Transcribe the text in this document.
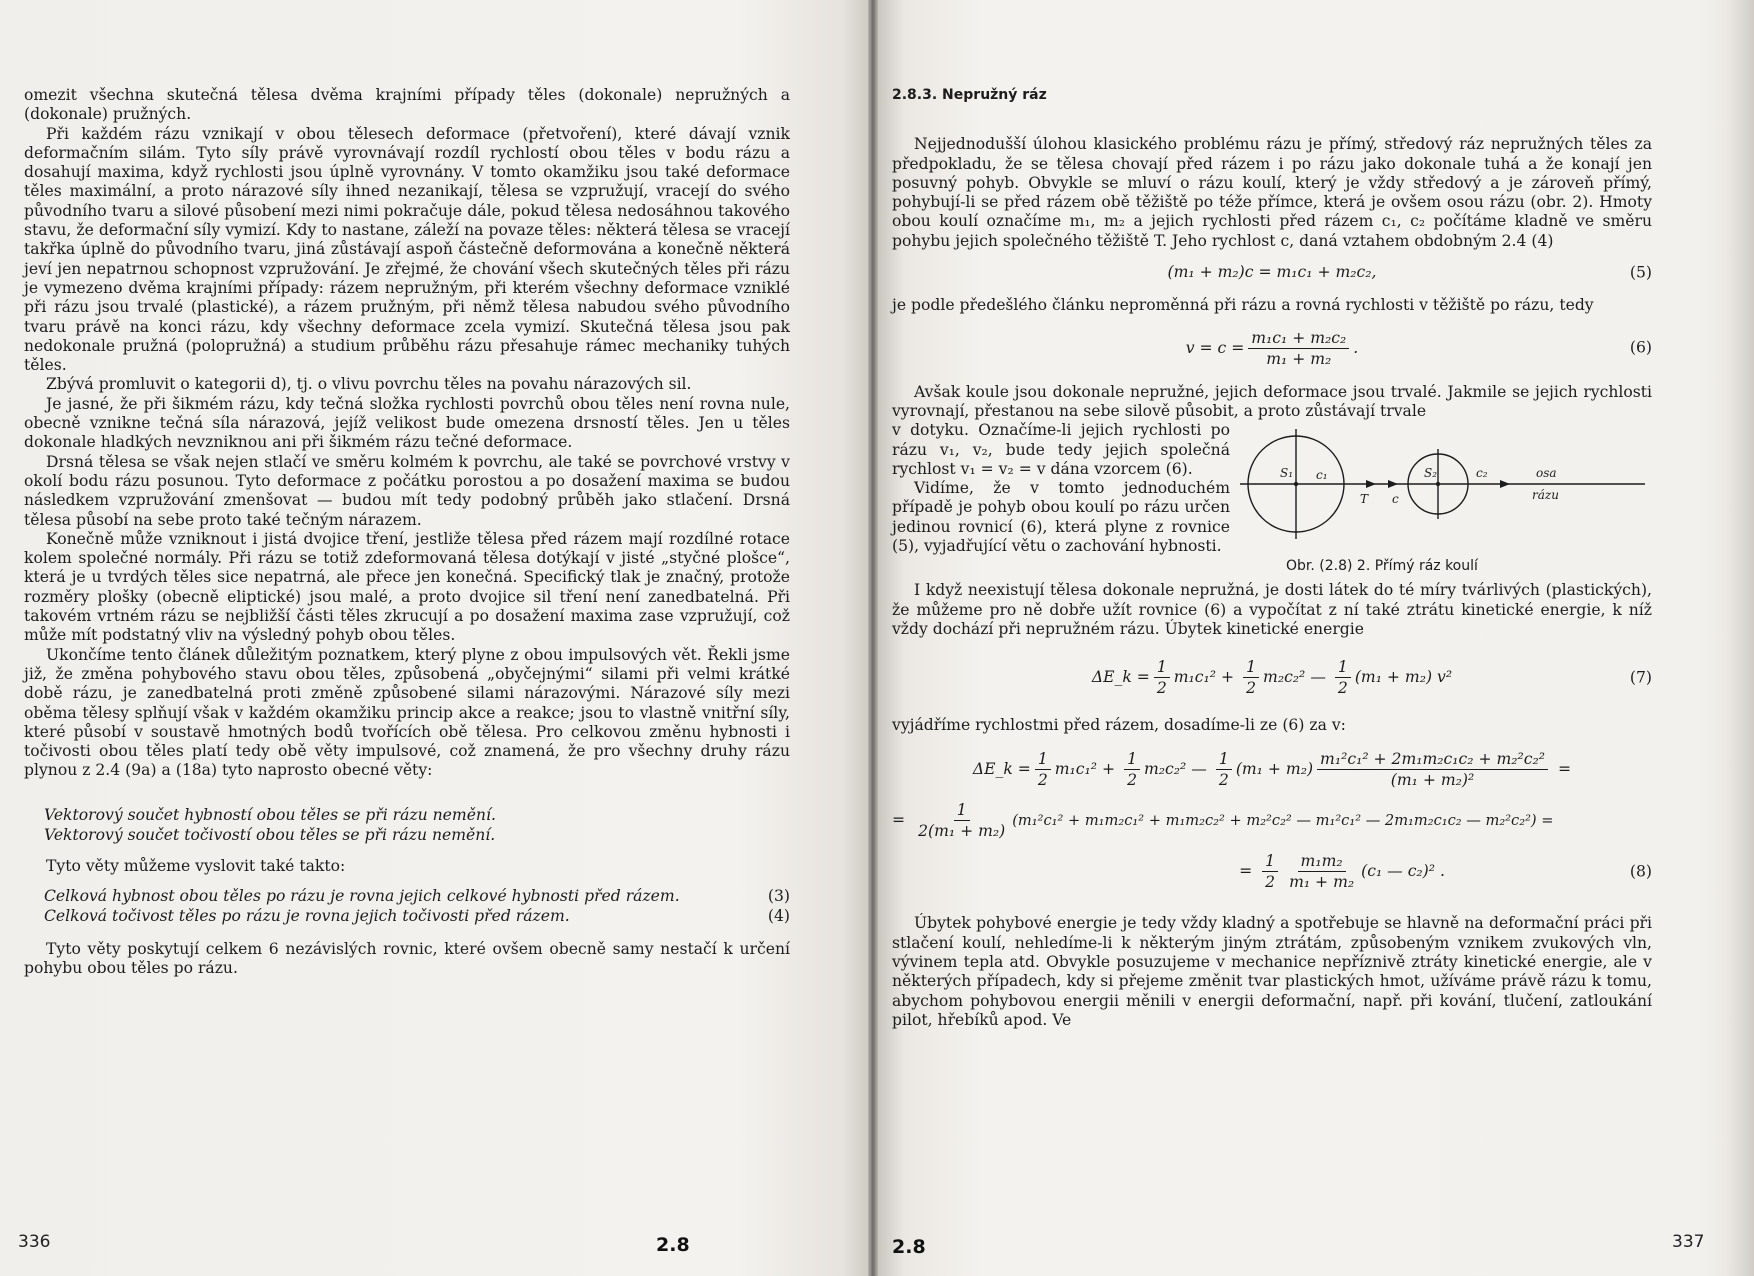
omezit všechna skutečná tělesa dvěma krajními případy těles (dokonale) nepružných a (dokonale) pružných.

Při každém rázu vznikají v obou tělesech deformace (přetvoření), které dávají vznik deformačním silám. Tyto síly právě vyrovnávají rozdíl rychlostí obou těles v bodu rázu a dosahují maxima, když rychlosti jsou úplně vyrovnány. V tomto okamžiku jsou také deformace těles maximální, a proto nárazové síly ihned nezanikají, tělesa se vzpružují, vracejí do svého původního tvaru a silové působení mezi nimi pokračuje dále, pokud tělesa nedosáhnou takového stavu, že deformační síly vymizí. Kdy to nastane, záleží na povaze těles: některá tělesa se vracejí takřka úplně do původního tvaru, jiná zůstávají aspoň částečně deformována a konečně některá jeví jen nepatrnou schopnost vzpružování. Je zřejmé, že chování všech skutečných těles při rázu je vymezeno dvěma krajními případy: rázem nepružným, při kterém všechny deformace vzniklé při rázu jsou trvalé (plastické), a rázem pružným, při němž tělesa nabudou svého původního tvaru právě na konci rázu, kdy všechny deformace zcela vymizí. Skutečná tělesa jsou pak nedokonale pružná (polopružná) a studium průběhu rázu přesahuje rámec mechaniky tuhých těles.

Zbývá promluvit o kategorii d), tj. o vlivu povrchu těles na povahu nárazových sil.

Je jasné, že při šikmém rázu, kdy tečná složka rychlosti povrchů obou těles není rovna nule, obecně vznikne tečná síla nárazová, jejíž velikost bude omezena drsností těles. Jen u těles dokonale hladkých nevzniknou ani při šikmém rázu tečné deformace.

Drsná tělesa se však nejen stlačí ve směru kolmém k povrchu, ale také se povrchové vrstvy v okolí bodu rázu posunou. Tyto deformace z počátku porostou a po dosažení maxima se budou následkem vzpružování zmenšovat — budou mít tedy podobný průběh jako stlačení. Drsná tělesa působí na sebe proto také tečným nárazem.

Konečně může vzniknout i jistá dvojice tření, jestliže tělesa před rázem mají rozdílné rotace kolem společné normály. Při rázu se totiž zdeformovaná tělesa dotýkají v jisté „styčné plošce“, která je u tvrdých těles sice nepatrná, ale přece jen konečná. Specifický tlak je značný, protože rozměry plošky (obecně eliptické) jsou malé, a proto dvojice sil tření není zanedbatelná. Při takovém vrtném rázu se nejbližší části těles zkrucují a po dosažení maxima zase vzpružují, což může mít podstatný vliv na výsledný pohyb obou těles.

Ukončíme tento článek důležitým poznatkem, který plyne z obou impulsových vět. Řekli jsme již, že změna pohybového stavu obou těles, způsobená „obyčejnými“ silami při velmi krátké době rázu, je zanedbatelná proti změně způsobené silami nárazovými. Nárazové síly mezi oběma tělesy splňují však v každém okamžiku princip akce a reakce; jsou to vlastně vnitřní síly, které působí v soustavě hmotných bodů tvořících obě tělesa. Pro celkovou změnu hybnosti i točivosti obou těles platí tedy obě věty impulsové, což znamená, že pro všechny druhy rázu plynou z 2.4 (9a) a (18a) tyto naprosto obecné věty:

Vektorový součet hybností obou těles se při rázu nemění.
Vektorový součet točivostí obou těles se při rázu nemění.

Tyto věty můžeme vyslovit také takto:

Celková hybnost obou těles po rázu je rovna jejich celkové hybnosti před rázem.	(3)
Celková točivost těles po rázu je rovna jejich točivosti před rázem.	(4)

Tyto věty poskytují celkem 6 nezávislých rovnic, které ovšem obecně samy nestačí k určení pohybu obou těles po rázu.

336	2.8
2.8.3. Nepružný ráz

Nejjednodušší úlohou klasického problému rázu je přímý, středový ráz nepružných těles za předpokladu, že se tělesa chovají před rázem i po rázu jako dokonale tuhá a že konají jen posuvný pohyb. Obvykle se mluví o rázu koulí, který je vždy středový a je zároveň přímý, pohybují-li se před rázem obě těžiště po téže přímce, která je ovšem osou rázu (obr. 2). Hmoty obou koulí označíme m₁, m₂ a jejich rychlosti před rázem c₁, c₂ počítáme kladně ve směru pohybu jejich společného těžiště T. Jeho rychlost c, daná vztahem obdobným 2.4 (4)

(m₁ + m₂)c = m₁c₁ + m₂c₂,	(5)

je podle předešlého článku neproměnná při rázu a rovná rychlosti v těžiště po rázu, tedy

$v = c = \frac{\text{m₁c₁ + m₂c₂}}{\text{m₁ + m₂}}$ .	(6)

Avšak koule jsou dokonale nepružné, jejich deformace jsou trvalé. Jakmile se jejich rychlosti vyrovnají, přestanou na sebe silově působit, a proto zůstávají trvale

v dotyku. Označíme-li jejich rychlosti po rázu v₁, v₂, bude tedy jejich společná rychlost v₁ = v₂ = v dána vzorcem (6).

Vidíme, že v tomto jednoduchém případě je pohyb obou koulí po rázu určen jedinou rovnicí (6), která plyne z rovnice (5), vyjadřující větu o zachování hybnosti.

S₁ c₁
T c
S₂	c₂	osa
rázu
Obr. (2.8) 2. Přímý ráz koulí

I když neexistují tělesa dokonale nepružná, je dosti látek do té míry tvárlivých (plastických), že můžeme pro ně dobře užít rovnice (6) a vypočítat z ní také ztrátu kinetické energie, k níž vždy dochází při nepružném rázu. Úbytek kinetické energie

ΔE_k = $\frac{1}{2} m_1c_1^2 + \frac{1}{2} m_2c_2^2$ — $\frac{1}{2} (m_1 + m_2)$ v²	(7)

vyjádříme rychlostmi před rázem, dosadíme-li ze (6) za v:

ΔE_k = $\frac{1}{2} m_1c_1^2 + \frac{1}{2} m_2c_2^2$ — $\frac{1}{2} (m_1 + m_2) \frac{\text{m₁²c₁² + 2m₁m₂c₁c₂ + m₂²c₂²}}{\text{(m₁ + m₂)²}}$ =
= $\frac{1}{\text{2(m₁ + m₂)}} (m_1^2c_1^2 + m_1m_2c_1^2 + m_1m_2c_2^2 + m_2^2c_2^2$ — m₁²c₁² — 2m₁m₂c₁c₂ — m₂²c₂²) =
= $\frac{1}{2} \frac{\text{m₁m₂}}{\text{m₁ + m₂}} (c_1$ — c₂)² .	(8)

Úbytek pohybové energie je tedy vždy kladný a spotřebuje se hlavně na deformační práci při stlačení koulí, nehledíme-li k některým jiným ztrátám, způsobeným vznikem zvukových vln, vývinem tepla atd. Obvykle posuzujeme v mechanice nepříznivě ztráty kinetické energie, ale v některých případech, kdy si přejeme změnit tvar plastických hmot, užíváme právě rázu k tomu, abychom pohybovou energii měnili v energii deformační, např. při kování, tlučení, zatloukání pilot, hřebíků apod. Ve

2.8	337
